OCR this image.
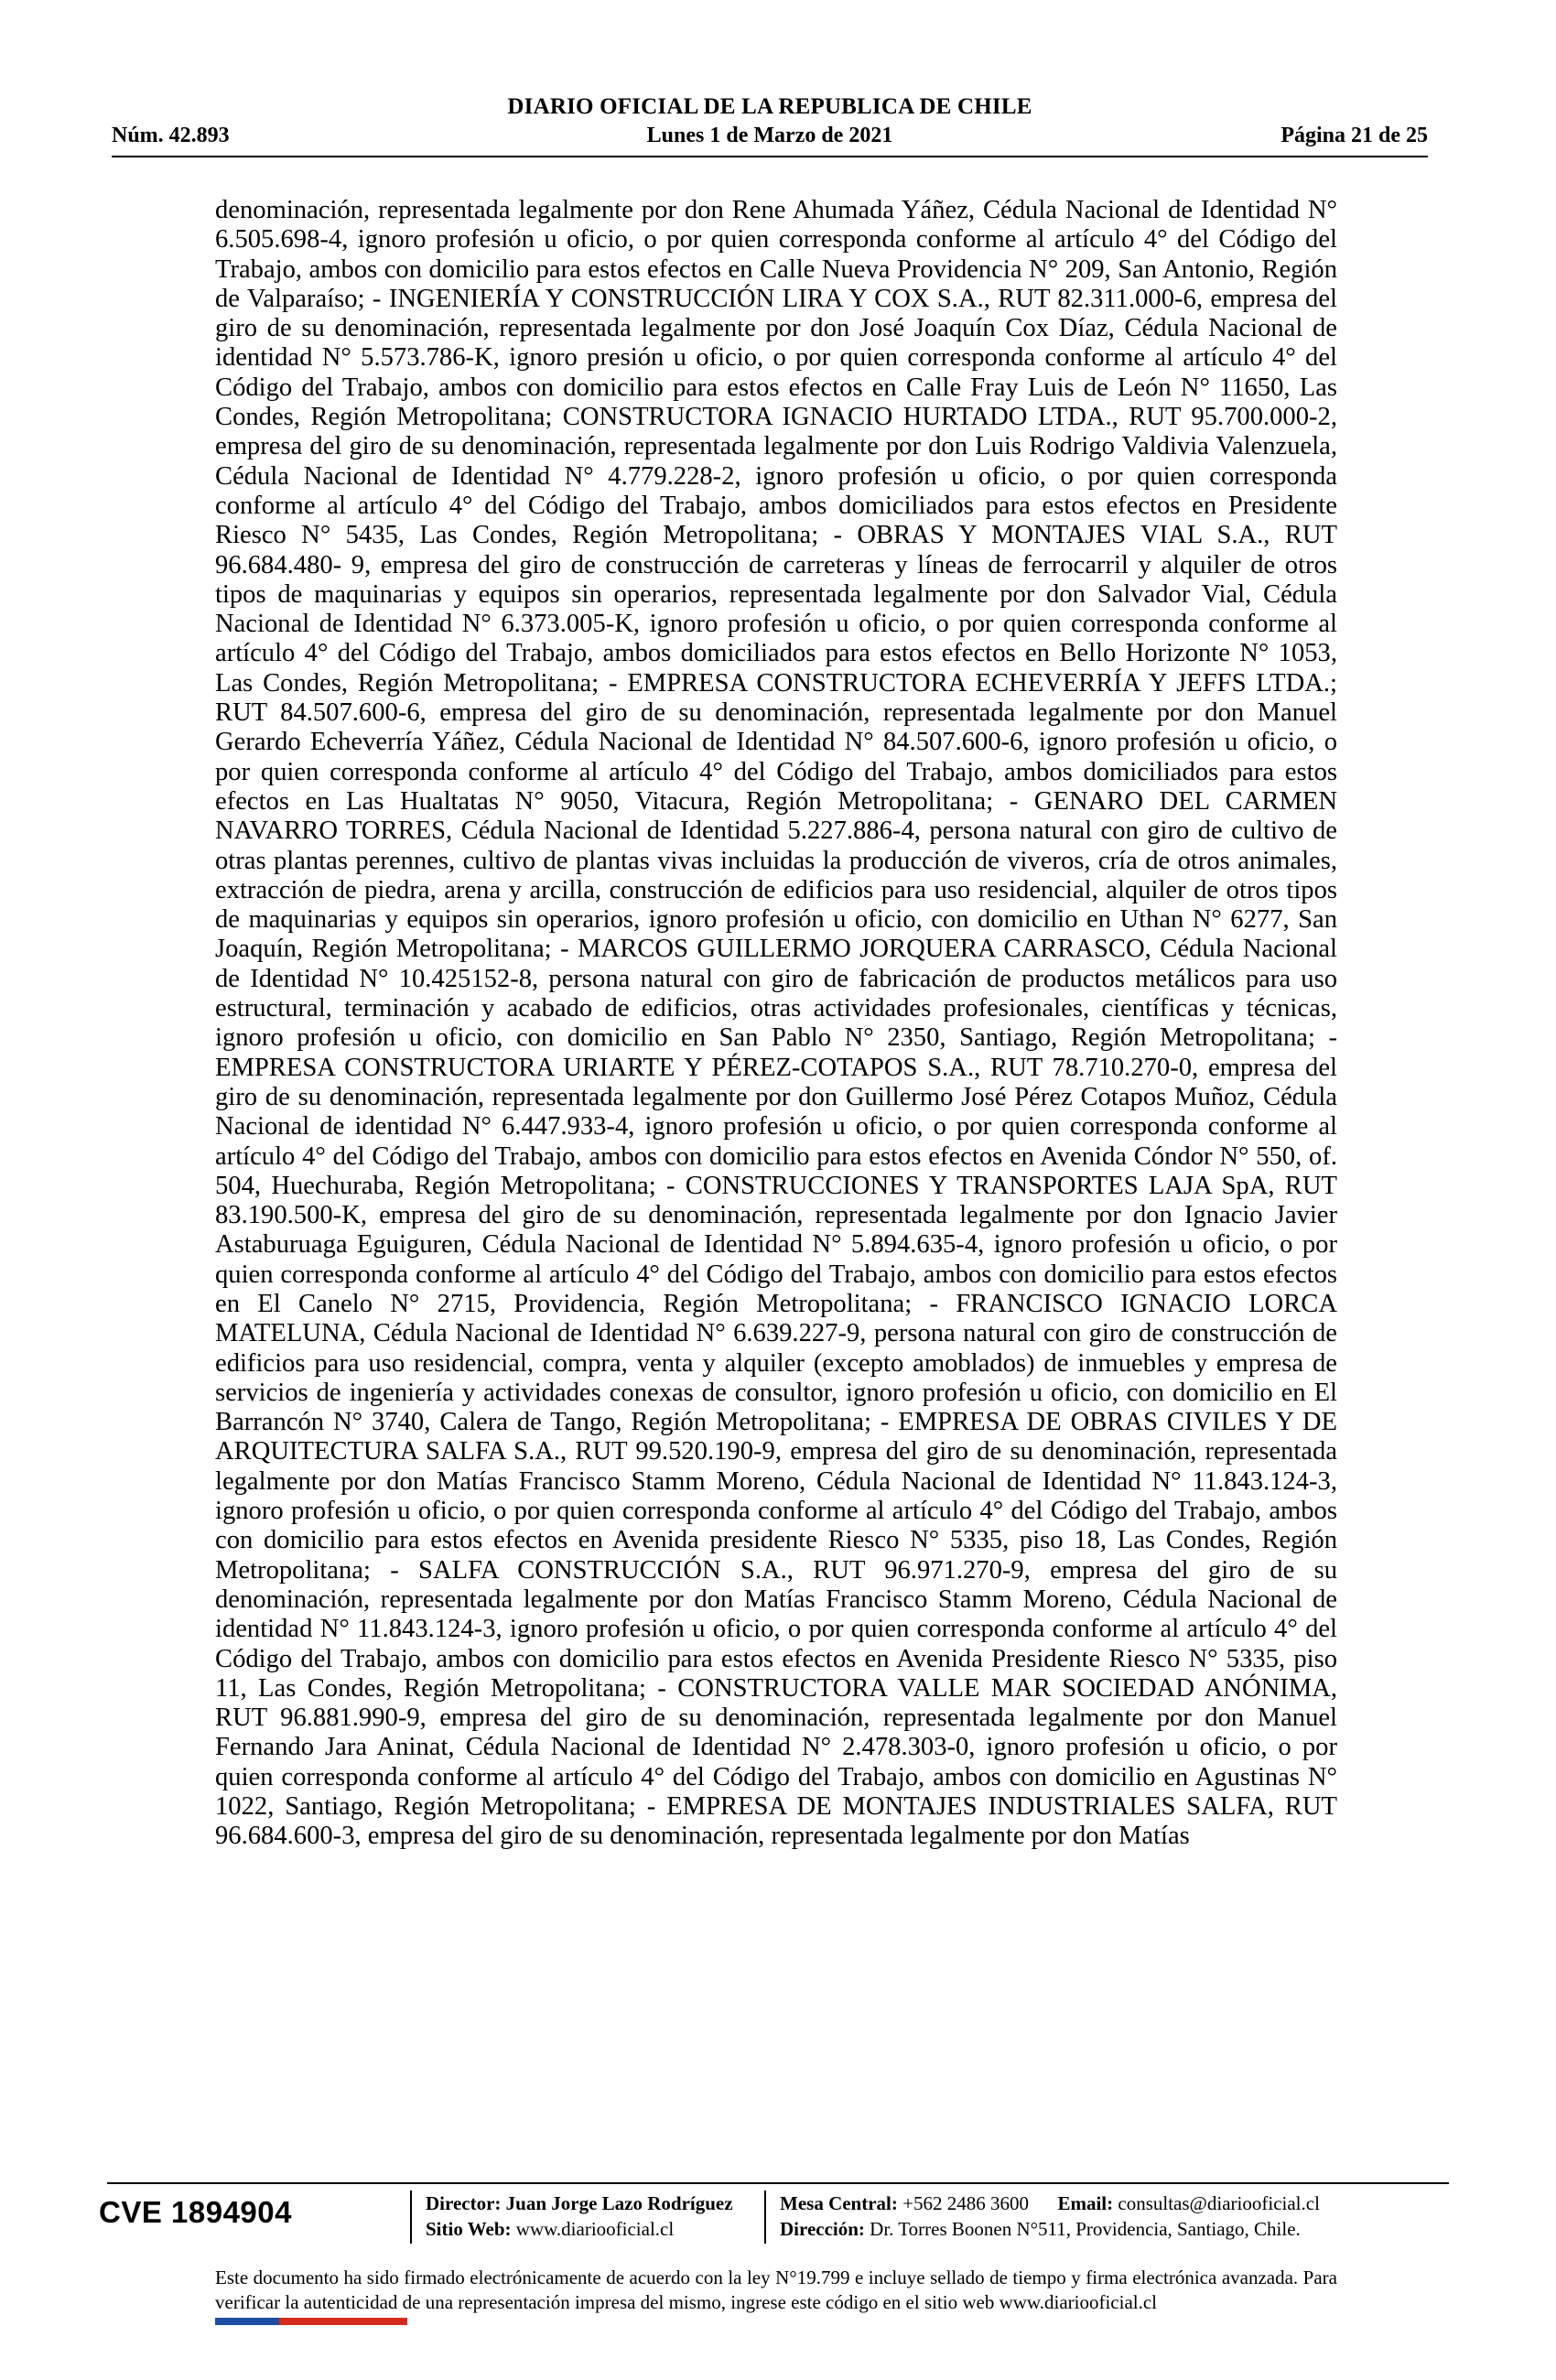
DIARIO OFICIAL DE LA REPUBLICA DE CHILE
Núm. 42.893	Lunes 1 de Marzo de 2021	Página 21 de 25
denominación, representada legalmente por don Rene Ahumada Yáñez, Cédula Nacional de Identidad N° 6.505.698-4, ignoro profesión u oficio, o por quien corresponda conforme al artículo 4° del Código del Trabajo, ambos con domicilio para estos efectos en Calle Nueva Providencia N° 209, San Antonio, Región de Valparaíso; - INGENIERÍA Y CONSTRUCCIÓN LIRA Y COX S.A., RUT 82.311.000-6, empresa del giro de su denominación, representada legalmente por don José Joaquín Cox Díaz, Cédula Nacional de identidad N° 5.573.786-K, ignoro presión u oficio, o por quien corresponda conforme al artículo 4° del Código del Trabajo, ambos con domicilio para estos efectos en Calle Fray Luis de León N° 11650, Las Condes, Región Metropolitana; CONSTRUCTORA IGNACIO HURTADO LTDA., RUT 95.700.000-2, empresa del giro de su denominación, representada legalmente por don Luis Rodrigo Valdivia Valenzuela, Cédula Nacional de Identidad N° 4.779.228-2, ignoro profesión u oficio, o por quien corresponda conforme al artículo 4° del Código del Trabajo, ambos domiciliados para estos efectos en Presidente Riesco N° 5435, Las Condes, Región Metropolitana; - OBRAS Y MONTAJES VIAL S.A., RUT 96.684.480- 9, empresa del giro de construcción de carreteras y líneas de ferrocarril y alquiler de otros tipos de maquinarias y equipos sin operarios, representada legalmente por don Salvador Vial, Cédula Nacional de Identidad N° 6.373.005-K, ignoro profesión u oficio, o por quien corresponda conforme al artículo 4° del Código del Trabajo, ambos domiciliados para estos efectos en Bello Horizonte N° 1053, Las Condes, Región Metropolitana; - EMPRESA CONSTRUCTORA ECHEVERRÍA Y JEFFS LTDA.; RUT 84.507.600-6, empresa del giro de su denominación, representada legalmente por don Manuel Gerardo Echeverría Yáñez, Cédula Nacional de Identidad N° 84.507.600-6, ignoro profesión u oficio, o por quien corresponda conforme al artículo 4° del Código del Trabajo, ambos domiciliados para estos efectos en Las Hualtatas N° 9050, Vitacura, Región Metropolitana; - GENARO DEL CARMEN NAVARRO TORRES, Cédula Nacional de Identidad 5.227.886-4, persona natural con giro de cultivo de otras plantas perennes, cultivo de plantas vivas incluidas la producción de viveros, cría de otros animales, extracción de piedra, arena y arcilla, construcción de edificios para uso residencial, alquiler de otros tipos de maquinarias y equipos sin operarios, ignoro profesión u oficio, con domicilio en Uthan N° 6277, San Joaquín, Región Metropolitana; - MARCOS GUILLERMO JORQUERA CARRASCO, Cédula Nacional de Identidad N° 10.425152-8, persona natural con giro de fabricación de productos metálicos para uso estructural, terminación y acabado de edificios, otras actividades profesionales, científicas y técnicas, ignoro profesión u oficio, con domicilio en San Pablo N° 2350, Santiago, Región Metropolitana; - EMPRESA CONSTRUCTORA URIARTE Y PÉREZ-COTAPOS S.A., RUT 78.710.270-0, empresa del giro de su denominación, representada legalmente por don Guillermo José Pérez Cotapos Muñoz, Cédula Nacional de identidad N° 6.447.933-4, ignoro profesión u oficio, o por quien corresponda conforme al artículo 4° del Código del Trabajo, ambos con domicilio para estos efectos en Avenida Cóndor N° 550, of. 504, Huechuraba, Región Metropolitana; - CONSTRUCCIONES Y TRANSPORTES LAJA SpA, RUT 83.190.500-K, empresa del giro de su denominación, representada legalmente por don Ignacio Javier Astaburuaga Eguiguren, Cédula Nacional de Identidad N° 5.894.635-4, ignoro profesión u oficio, o por quien corresponda conforme al artículo 4° del Código del Trabajo, ambos con domicilio para estos efectos en El Canelo N° 2715, Providencia, Región Metropolitana; - FRANCISCO IGNACIO LORCA MATELUNA, Cédula Nacional de Identidad N° 6.639.227-9, persona natural con giro de construcción de edificios para uso residencial, compra, venta y alquiler (excepto amoblados) de inmuebles y empresa de servicios de ingeniería y actividades conexas de consultor, ignoro profesión u oficio, con domicilio en El Barrancón N° 3740, Calera de Tango, Región Metropolitana; - EMPRESA DE OBRAS CIVILES Y DE ARQUITECTURA SALFA S.A., RUT 99.520.190-9, empresa del giro de su denominación, representada legalmente por don Matías Francisco Stamm Moreno, Cédula Nacional de Identidad N° 11.843.124-3, ignoro profesión u oficio, o por quien corresponda conforme al artículo 4° del Código del Trabajo, ambos con domicilio para estos efectos en Avenida presidente Riesco N° 5335, piso 18, Las Condes, Región Metropolitana; - SALFA CONSTRUCCIÓN S.A., RUT 96.971.270-9, empresa del giro de su denominación, representada legalmente por don Matías Francisco Stamm Moreno, Cédula Nacional de identidad N° 11.843.124-3, ignoro profesión u oficio, o por quien corresponda conforme al artículo 4° del Código del Trabajo, ambos con domicilio para estos efectos en Avenida Presidente Riesco N° 5335, piso 11, Las Condes, Región Metropolitana; - CONSTRUCTORA VALLE MAR SOCIEDAD ANÓNIMA, RUT 96.881.990-9, empresa del giro de su denominación, representada legalmente por don Manuel Fernando Jara Aninat, Cédula Nacional de Identidad N° 2.478.303-0, ignoro profesión u oficio, o por quien corresponda conforme al artículo 4° del Código del Trabajo, ambos con domicilio en Agustinas N° 1022, Santiago, Región Metropolitana; - EMPRESA DE MONTAJES INDUSTRIALES SALFA, RUT 96.684.600-3, empresa del giro de su denominación, representada legalmente por don Matías
CVE 1894904	Director: Juan Jorge Lazo Rodríguez
Sitio Web: www.diariooficial.cl
Mesa Central: +562 2486 3600 Email: consultas@diariooficial.cl
Dirección: Dr. Torres Boonen N°511, Providencia, Santiago, Chile.
Este documento ha sido firmado electrónicamente de acuerdo con la ley N°19.799 e incluye sellado de tiempo y firma electrónica avanzada. Para verificar la autenticidad de una representación impresa del mismo, ingrese este código en el sitio web www.diariooficial.cl
